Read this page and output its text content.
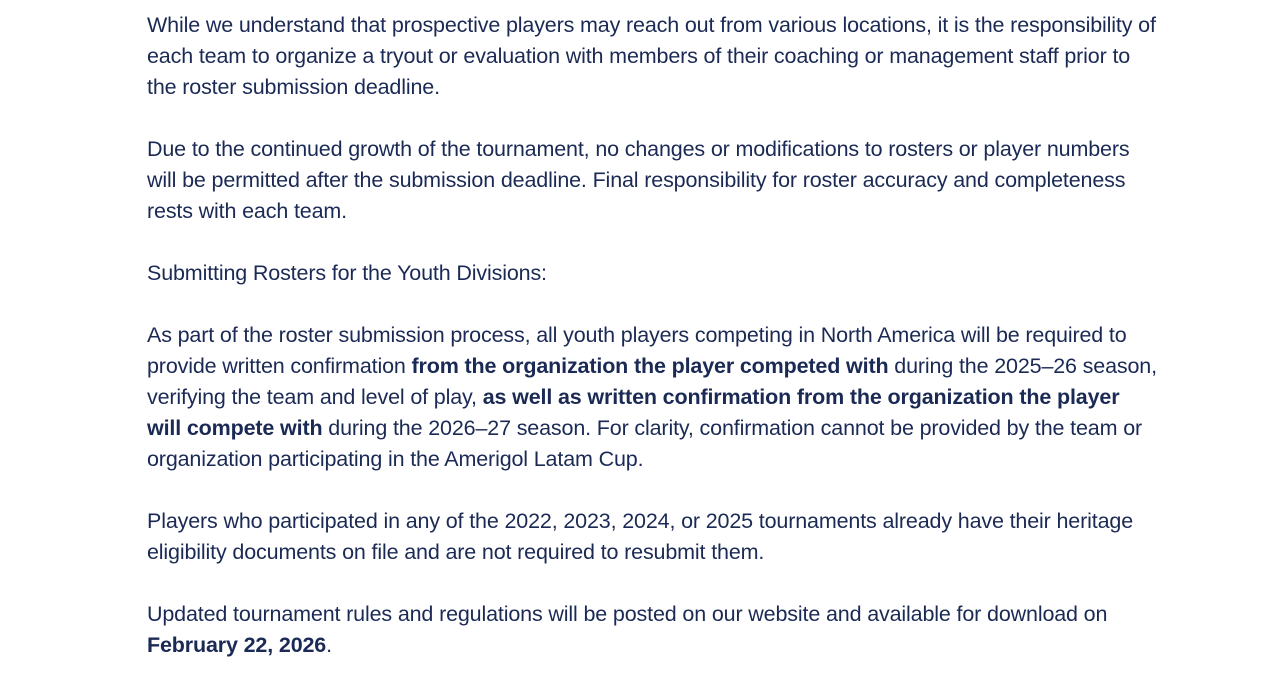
While we understand that prospective players may reach out from various locations, it is the responsibility of each team to organize a tryout or evaluation with members of their coaching or management staff prior to the roster submission deadline.

Due to the continued growth of the tournament, no changes or modifications to rosters or player numbers will be permitted after the submission deadline. Final responsibility for roster accuracy and completeness rests with each team.

Submitting Rosters for the Youth Divisions:

As part of the roster submission process, all youth players competing in North America will be required to provide written confirmation from the organization the player competed with during the 2025–26 season, verifying the team and level of play, as well as written confirmation from the organization the player will compete with during the 2026–27 season. For clarity, confirmation cannot be provided by the team or organization participating in the Amerigol Latam Cup.

Players who participated in any of the 2022, 2023, 2024, or 2025 tournaments already have their heritage eligibility documents on file and are not required to resubmit them.

Updated tournament rules and regulations will be posted on our website and available for download on February 22, 2026.
